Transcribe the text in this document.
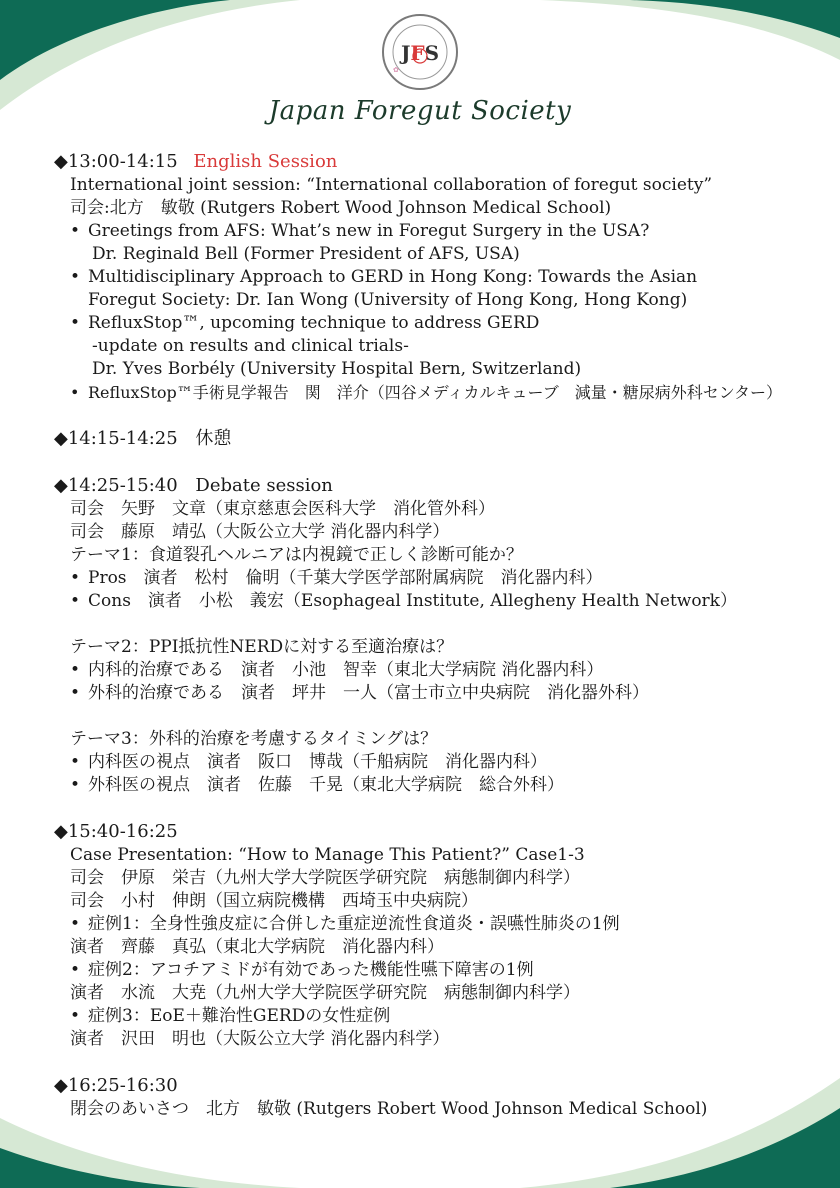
JFS
✿
Japan Foregut Society
◆13:00-14:15 English Session
International joint session: “International collaboration of foregut society”
司会:北方　敏敬 (Rutgers Robert Wood Johnson Medical School)
• Greetings from AFS: What’s new in Foregut Surgery in the USA?
Dr. Reginald Bell (Former President of AFS, USA)
• Multidisciplinary Approach to GERD in Hong Kong: Towards the Asian
Foregut Society: Dr. Ian Wong (University of Hong Kong, Hong Kong)
• RefluxStop™, upcoming technique to address GERD
-update on results and clinical trials-
Dr. Yves Borbély (University Hospital Bern, Switzerland)
• RefluxStop™手術見学報告　関　洋介（四谷メディカルキューブ　減量・糖尿病外科センター）
◆14:15-14:25 休憩
◆14:25-15:40 Debate session
司会　矢野　文章（東京慈恵会医科大学　消化管外科）
司会　藤原　靖弘（大阪公立大学 消化器内科学）
テーマ1：食道裂孔ヘルニアは内視鏡で正しく診断可能か？
• Pros　演者　松村　倫明（千葉大学医学部附属病院　消化器内科）
• Cons　演者　小松　義宏（Esophageal Institute, Allegheny Health Network）
テーマ2：PPI抵抗性NERDに対する至適治療は？
• 内科的治療である　演者　小池　智幸（東北大学病院 消化器内科）
• 外科的治療である　演者　坪井　一人（富士市立中央病院　消化器外科）
テーマ3：外科的治療を考慮するタイミングは？
• 内科医の視点　演者　阪口　博哉（千船病院　消化器内科）
• 外科医の視点　演者　佐藤　千晃（東北大学病院　総合外科）
◆15:40-16:25
Case Presentation: “How to Manage This Patient?” Case1-3
司会　伊原　栄吉（九州大学大学院医学研究院　病態制御内科学）
司会　小村　伸朗（国立病院機構　西埼玉中央病院）
• 症例1：全身性強皮症に合併した重症逆流性食道炎・誤嚥性肺炎の1例
演者　齊藤　真弘（東北大学病院　消化器内科）
• 症例2：アコチアミドが有効であった機能性嚥下障害の1例
演者　水流　大尭（九州大学大学院医学研究院　病態制御内科学）
• 症例3：EoE＋難治性GERDの女性症例
演者　沢田　明也（大阪公立大学 消化器内科学）
◆16:25-16:30
閉会のあいさつ　北方　敏敬 (Rutgers Robert Wood Johnson Medical School)
